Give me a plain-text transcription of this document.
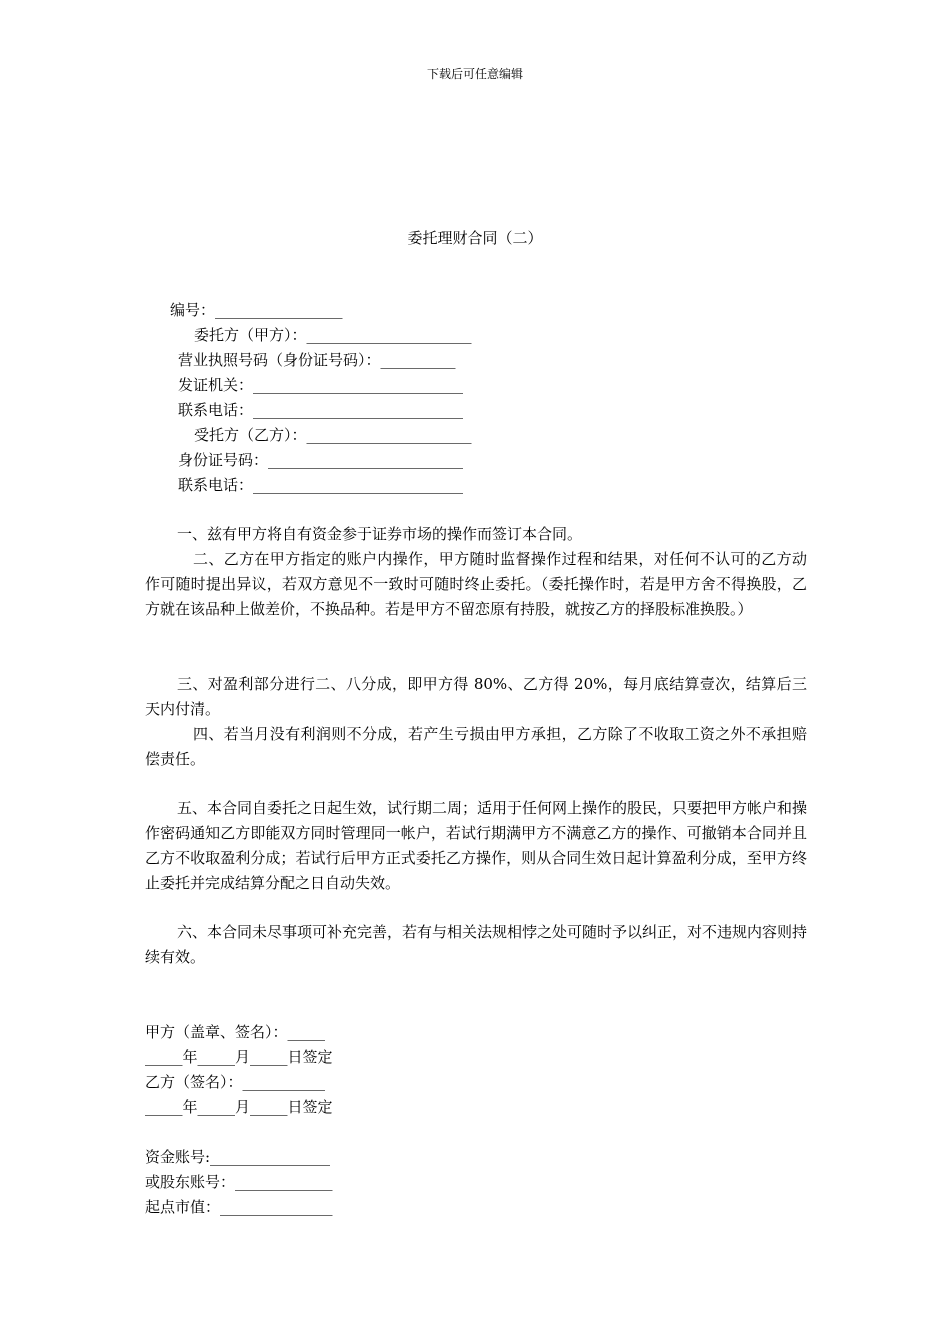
下载后可任意编辑
委托理财合同（二）
编号：_________________
委托方（甲方）：______________________
营业执照号码（身份证号码）：__________
发证机关：____________________________
联系电话：____________________________
受托方（乙方）：______________________
身份证号码：__________________________
联系电话：____________________________

一、兹有甲方将自有资金参于证券市场的操作而签订本合同。

二、乙方在甲方指定的账户内操作，甲方随时监督操作过程和结果，对任何不认可的乙方动作可随时提出异议，若双方意见不一致时可随时终止委托。（委托操作时，若是甲方舍不得换股，乙方就在该品种上做差价，不换品种。若是甲方不留恋原有持股，就按乙方的择股标准换股。）

三、对盈利部分进行二、八分成，即甲方得 80%、乙方得 20%，每月底结算壹次，结算后三天内付清。

四、若当月没有利润则不分成，若产生亏损由甲方承担，乙方除了不收取工资之外不承担赔偿责任。

五、本合同自委托之日起生效，试行期二周；适用于任何网上操作的股民，只要把甲方帐户和操作密码通知乙方即能双方同时管理同一帐户，若试行期满甲方不满意乙方的操作、可撤销本合同并且乙方不收取盈利分成；若试行后甲方正式委托乙方操作，则从合同生效日起计算盈利分成，至甲方终止委托并完成结算分配之日自动失效。

六、本合同未尽事项可补充完善，若有与相关法规相悖之处可随时予以纠正，对不违规内容则持续有效。

甲方（盖章、签名）：_____
_____年_____月_____日签定
乙方（签名）：___________
_____年_____月_____日签定
资金账号:________________
或股东账号：_____________
起点市值：_______________
